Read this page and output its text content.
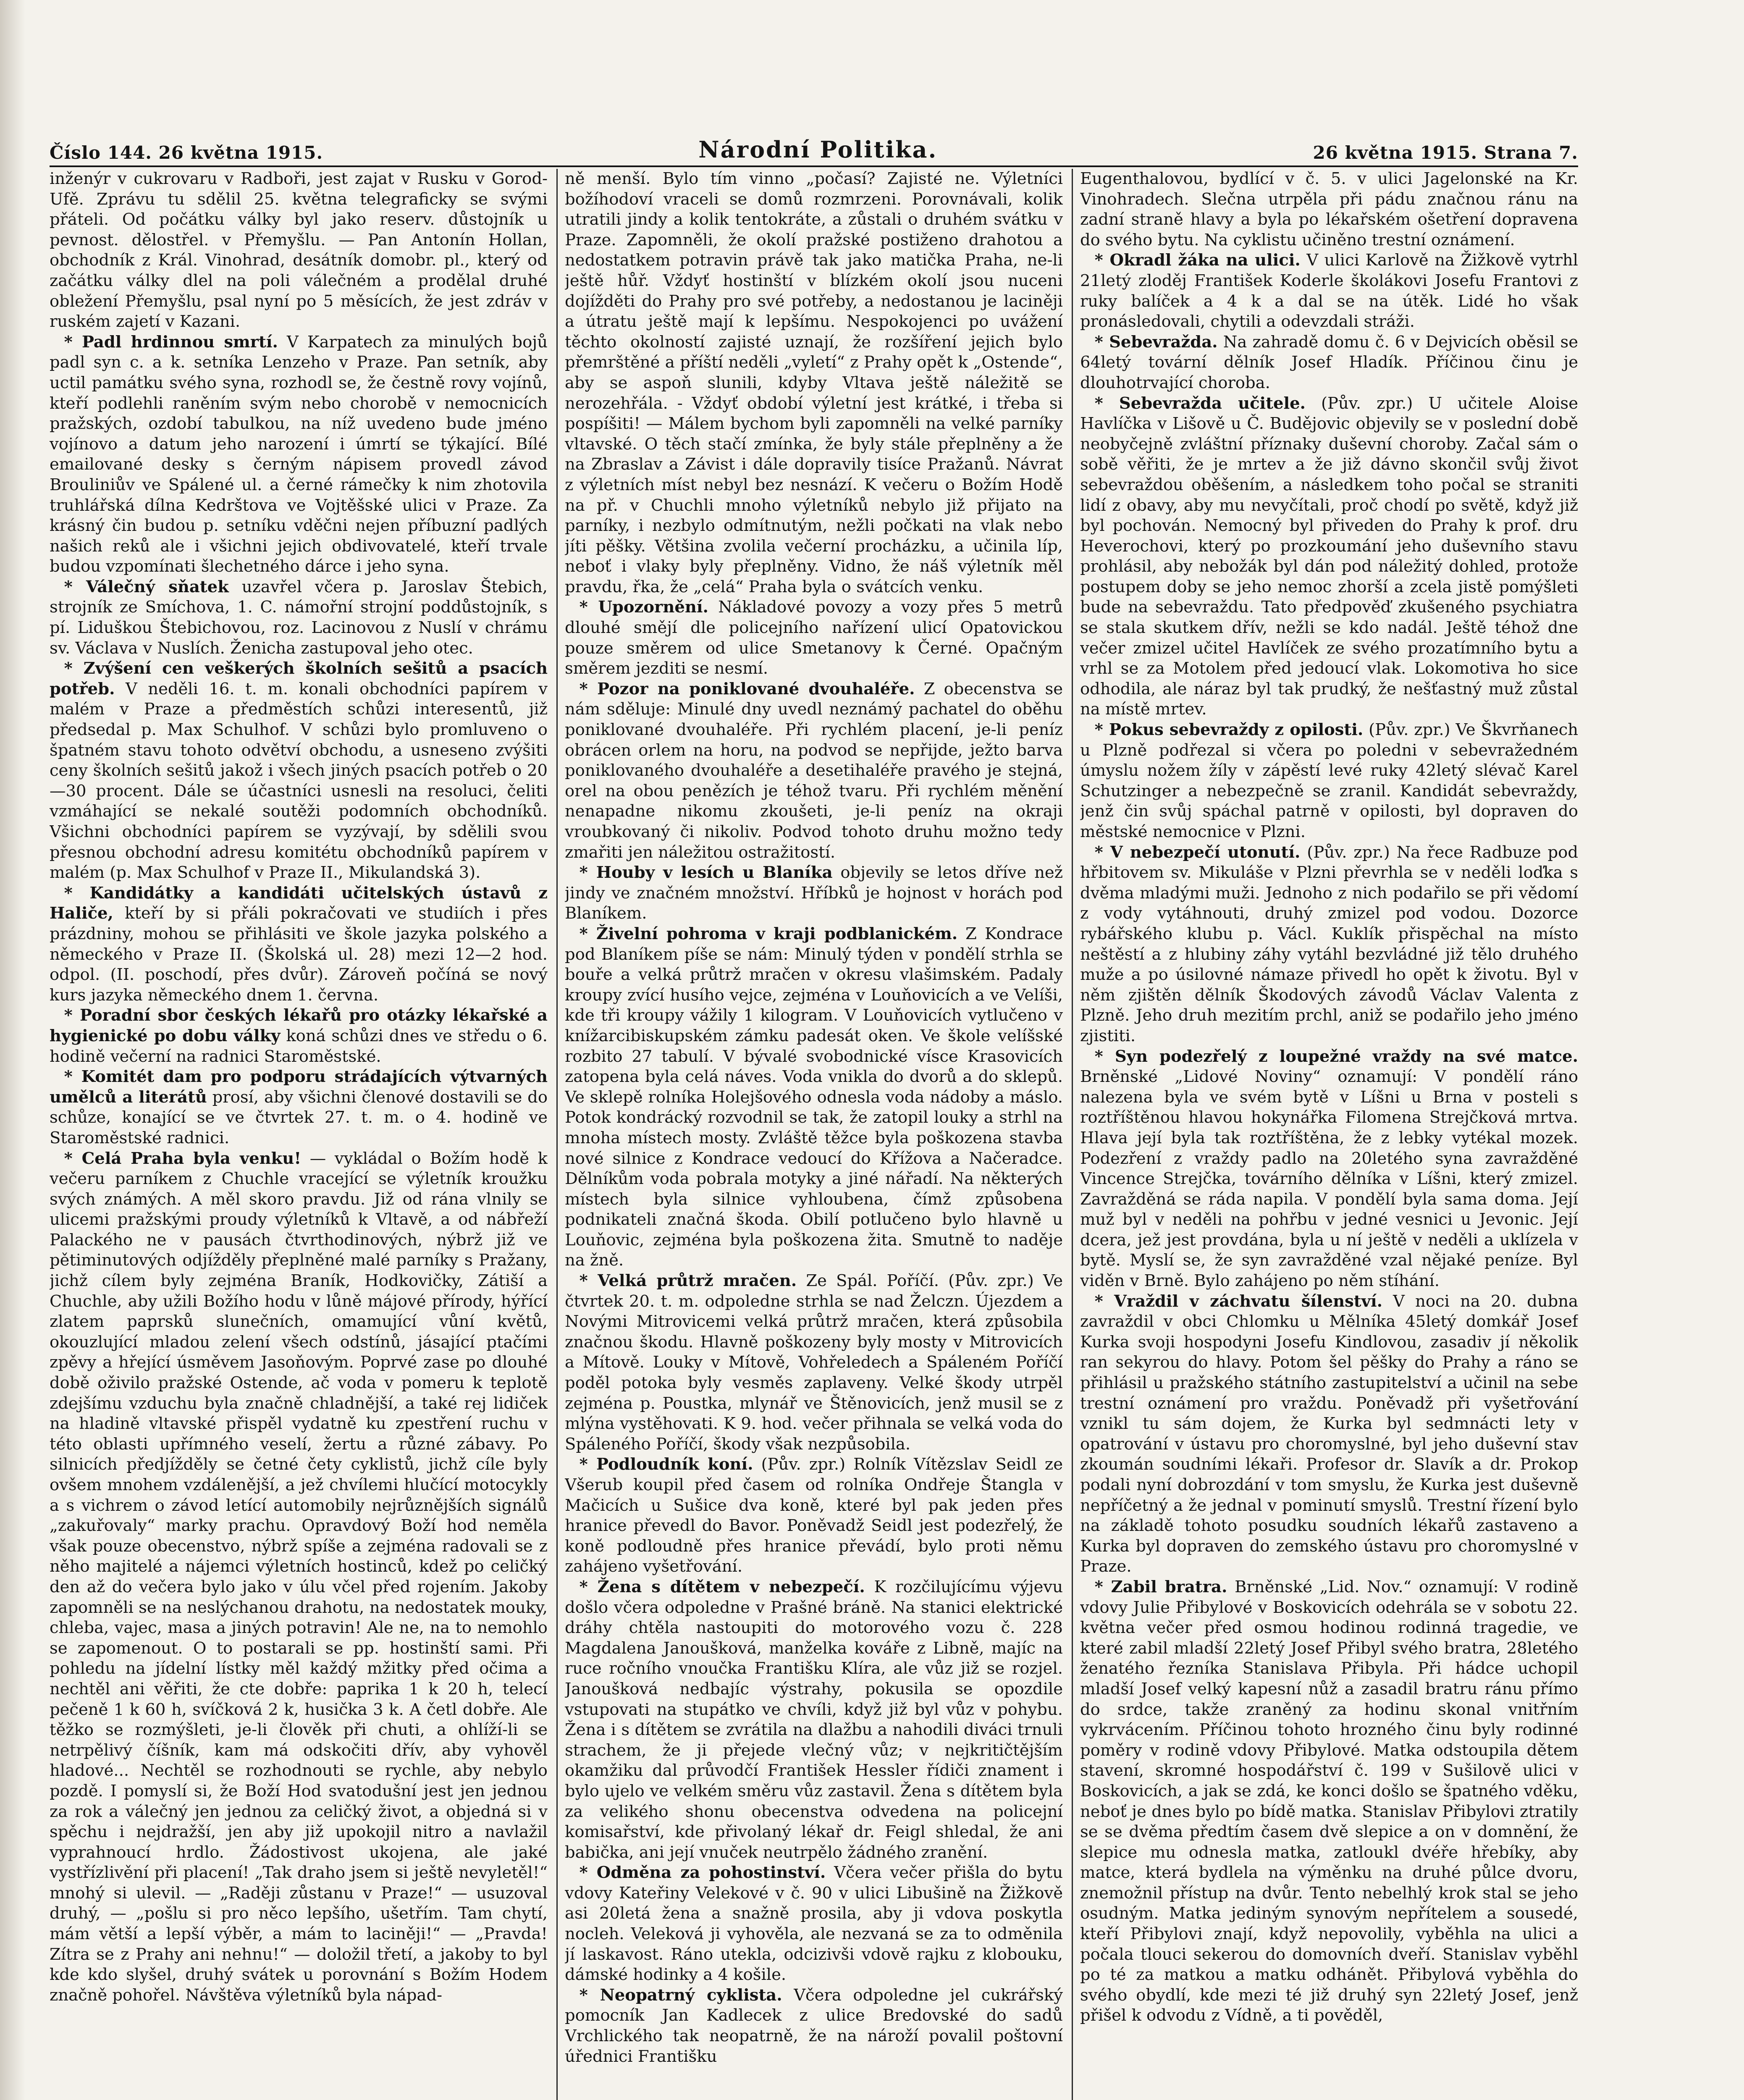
Číslo 144. 26 května 1915.	Národní Politika.	26 května 1915. Strana 7.

inženýr v cukrovaru v Radboři, jest zajat v Rusku v Gorod-Ufě. Zprávu tu sdělil 25. května telegraficky se svými přáteli. Od počátku války byl jako reserv. důstojník u pevnost. dělostřel. v Přemyšlu. — Pan Antonín Hollan, obchodník z Král. Vinohrad, desátník domobr. pl., který od začátku války dlel na poli válečném a prodělal druhé obležení Přemyšlu, psal nyní po 5 měsících, že jest zdráv v ruském zajetí v Kazani.

* Padl hrdinnou smrtí. V Karpatech za minulých bojů padl syn c. a k. setníka Lenzeho v Praze. Pan setník, aby uctil památku svého syna, rozhodl se, že čestně rovy vojínů, kteří podlehli raněním svým nebo chorobě v nemocnicích pražských, ozdobí tabulkou, na níž uvedeno bude jméno vojínovo a datum jeho narození i úmrtí se týkající. Bílé emailované desky s černým nápisem provedl závod Brouliniův ve Spálené ul. a černé rámečky k nim zhotovila truhlářská dílna Kedrštova ve Vojtěšské ulici v Praze. Za krásný čin budou p. setníku vděčni nejen příbuzní padlých našich reků ale i všichni jejich obdivovatelé, kteří trvale budou vzpomínati šlechetného dárce i jeho syna.

* Válečný sňatek uzavřel včera p. Jaroslav Štebich, strojník ze Smíchova, 1. C. námořní strojní poddůstojník, s pí. Liduškou Štebichovou, roz. Lacinovou z Nuslí v chrámu sv. Václava v Nuslích. Ženicha zastupoval jeho otec.

* Zvýšení cen veškerých školních sešitů a psacích potřeb. V neděli 16. t. m. konali obchodníci papírem v malém v Praze a předměstích schůzi interesentů, již předsedal p. Max Schulhof. V schůzi bylo promluveno o špatném stavu tohoto odvětví obchodu, a usneseno zvýšiti ceny školních sešitů jakož i všech jiných psacích potřeb o 20—30 procent. Dále se účastníci usnesli na resoluci, čeliti vzmáhající se nekalé soutěži podomních obchodníků. Všichni obchodníci papírem se vyzývají, by sdělili svou přesnou obchodní adresu komitétu obchodníků papírem v malém (p. Max Schulhof v Praze II., Mikulandská 3).

* Kandidátky a kandidáti učitelských ústavů z Haliče, kteří by si přáli pokračovati ve studiích i přes prázdniny, mohou se přihlásiti ve škole jazyka polského a německého v Praze II. (Školská ul. 28) mezi 12—2 hod. odpol. (II. poschodí, přes dvůr). Zároveň počíná se nový kurs jazyka německého dnem 1. června.

* Poradní sbor českých lékařů pro otázky lékařské a hygienické po dobu války koná schůzi dnes ve středu o 6. hodině večerní na radnici Staroměstské.

* Komitét dam pro podporu strádajících výtvarných umělců a literátů prosí, aby všichni členové dostavili se do schůze, konající se ve čtvrtek 27. t. m. o 4. hodině ve Staroměstské radnici.

* Celá Praha byla venku! — vykládal o Božím hodě k večeru parníkem z Chuchle vracející se výletník kroužku svých známých. A měl skoro pravdu. Již od rána vlnily se ulicemi pražskými proudy výletníků k Vltavě, a od nábřeží Palackého ne v pausách čtvrthodinových, nýbrž již ve pětiminutových odjížděly přeplněné malé parníky s Pražany, jichž cílem byly zejména Braník, Hodkovičky, Zátiší a Chuchle, aby užili Božího hodu v lůně májové přírody, hýřící zlatem paprsků slunečních, omamující vůní květů, okouzlující mladou zelení všech odstínů, jásající ptačími zpěvy a hřející úsměvem Jasoňovým. Poprvé zase po dlouhé době oživilo pražské Ostende, ač voda v pomeru k teplotě zdejšímu vzduchu byla značně chladnější, a také rej lidiček na hladině vltavské přispěl vydatně ku zpestření ruchu v této oblasti upřímného veselí, žertu a různé zábavy. Po silnicích předjížděly se četné čety cyklistů, jichž cíle byly ovšem mnohem vzdálenější, a jež chvílemi hlučící motocykly a s vichrem o závod letící automobily nejrůznějších signálů „zakuřovaly“ marky prachu. Opravdový Boží hod neměla však pouze obecenstvo, nýbrž spíše a zejména radovali se z něho majitelé a nájemci výletních hostinců, kdež po celičký den až do večera bylo jako v úlu včel před rojením. Jakoby zapomněli se na neslýchanou drahotu, na nedostatek mouky, chleba, vajec, masa a jiných potravin! Ale ne, na to nemohlo se zapomenout. O to postarali se pp. hostinští sami. Při pohledu na jídelní lístky měl každý mžitky před očima a nechtěl ani věřiti, že cte dobře: paprika 1 k 20 h, telecí pečeně 1 k 60 h, svíčková 2 k, husička 3 k. A četl dobře. Ale těžko se rozmýšleti, je-li člověk při chuti, a ohlíží-li se netrpělivý číšník, kam má odskočiti dřív, aby vyhověl hladové... Nechtěl se rozhodnouti se rychle, aby nebylo pozdě. I pomyslí si, že Boží Hod svatodušní jest jen jednou za rok a válečný jen jednou za celičký život, a objedná si v spěchu i nejdražší, jen aby již upokojil nitro a navlažil vyprahnoucí hrdlo. Žádostivost ukojena, ale jaké vystřízlivění při placení! „Tak draho jsem si ještě nevyletěl!“ mnohý si ulevil. — „Raději zůstanu v Praze!“ — usuzoval druhý, — „pošlu si pro něco lepšího, ušetřím. Tam chytí, mám větší a lepší výběr, a mám to laciněji!“ — „Pravda! Zítra se z Prahy ani nehnu!“ — doložil třetí, a jakoby to byl kde kdo slyšel, druhý svátek u porovnání s Božím Hodem značně pohořel. Návštěva výletníků byla nápad-

ně menší. Bylo tím vinno „počasí? Zajisté ne. Výletníci božíhodoví vraceli se domů rozmrzeni. Porovnávali, kolik utratili jindy a kolik tentokráte, a zůstali o druhém svátku v Praze. Zapomněli, že okolí pražské postiženo drahotou a nedostatkem potravin právě tak jako matička Praha, ne-li ještě hůř. Vždyť hostinští v blízkém okolí jsou nuceni dojížděti do Prahy pro své potřeby, a nedostanou je laciněji a útratu ještě mají k lepšímu. Nespokojenci po uvážení těchto okolností zajisté uznají, že rozšíření jejich bylo přemrštěné a příští neděli „vyletí“ z Prahy opět k „Ostende“, aby se aspoň slunili, kdyby Vltava ještě náležitě se nerozehřála. - Vždyť období výletní jest krátké, i třeba si pospíšiti! — Málem bychom byli zapomněli na velké parníky vltavské. O těch stačí zmínka, že byly stále přeplněny a že na Zbraslav a Závist i dále dopravily tisíce Pražanů. Návrat z výletních míst nebyl bez nesnází. K večeru o Božím Hodě na př. v Chuchli mnoho výletníků nebylo již přijato na parníky, i nezbylo odmítnutým, nežli počkati na vlak nebo jíti pěšky. Většina zvolila večerní procházku, a učinila líp, neboť i vlaky byly přeplněny. Vidno, že náš výletník měl pravdu, řka, že „celá“ Praha byla o svátcích venku.

* Upozornění. Nákladové povozy a vozy přes 5 metrů dlouhé smějí dle policejního nařízení ulicí Opatovickou pouze směrem od ulice Smetanovy k Černé. Opačným směrem jezditi se nesmí.

* Pozor na poniklované dvouhaléře. Z obecenstva se nám sděluje: Minulé dny uvedl neznámý pachatel do oběhu poniklované dvouhaléře. Při rychlém placení, je-li peníz obrácen orlem na horu, na podvod se nepřijde, ježto barva poniklovaného dvouhaléře a desetihaléře pravého je stejná, orel na obou penězích je téhož tvaru. Při rychlém měnění nenapadne nikomu zkoušeti, je-li peníz na okraji vroubkovaný či nikoliv. Podvod tohoto druhu možno tedy zmařiti jen náležitou ostražitostí.

* Houby v lesích u Blaníka objevily se letos dříve než jindy ve značném množství. Hříbků je hojnost v horách pod Blaníkem.

* Živelní pohroma v kraji podblanickém. Z Kondrace pod Blaníkem píše se nám: Minulý týden v pondělí strhla se bouře a velká průtrž mračen v okresu vlašimském. Padaly kroupy zvící husího vejce, zejména v Louňovicích a ve Velíši, kde tři kroupy vážily 1 kilogram. V Louňovicích vytlučeno v knížarcibiskupském zámku padesát oken. Ve škole velíšské rozbito 27 tabulí. V bývalé svobodnické vísce Krasovicích zatopena byla celá náves. Voda vnikla do dvorů a do sklepů. Ve sklepě rolníka Holejšového odnesla voda nádoby a máslo. Potok kondrácký rozvodnil se tak, že zatopil louky a strhl na mnoha místech mosty. Zvláště těžce byla poškozena stavba nové silnice z Kondrace vedoucí do Křížova a Načeradce. Dělníkům voda pobrala motyky a jiné nářadí. Na některých místech byla silnice vyhloubena, čímž způsobena podnikateli značná škoda. Obilí potlučeno bylo hlavně u Louňovic, zejména byla poškozena žita. Smutně to naděje na žně.

* Velká průtrž mračen. Ze Spál. Poříčí. (Pův. zpr.) Ve čtvrtek 20. t. m. odpoledne strhla se nad Želczn. Újezdem a Novými Mitrovicemi velká průtrž mračen, která způsobila značnou škodu. Hlavně poškozeny byly mosty v Mitrovicích a Mítově. Louky v Mítově, Vohřeledech a Spáleném Poříčí poděl potoka byly vesměs zaplaveny. Velké škody utrpěl zejména p. Poustka, mlynář ve Štěnovicích, jenž musil se z mlýna vystěhovati. K 9. hod. večer přihnala se velká voda do Spáleného Poříčí, škody však nezpůsobila.

* Podloudník koní. (Pův. zpr.) Rolník Vítězslav Seidl ze Všerub koupil před časem od rolníka Ondřeje Štangla v Mačicích u Sušice dva koně, které byl pak jeden přes hranice převedl do Bavor. Poněvadž Seidl jest podezřelý, že koně podloudně přes hranice převádí, bylo proti němu zahájeno vyšetřování.

* Žena s dítětem v nebezpečí. K rozčilujícímu výjevu došlo včera odpoledne v Prašné bráně. Na stanici elektrické dráhy chtěla nastoupiti do motorového vozu č. 228 Magdalena Janoušková, manželka kováře z Libně, majíc na ruce ročního vnoučka Františku Klíra, ale vůz již se rozjel. Janoušková nedbajíc výstrahy, pokusila se opozdile vstupovati na stupátko ve chvíli, když již byl vůz v pohybu. Žena i s dítětem se zvrátila na dlažbu a nahodili diváci trnuli strachem, že ji přejede vlečný vůz; v nejkritičtějším okamžiku dal průvodčí František Hessler řídiči znament i bylo ujelo ve velkém směru vůz zastavil. Žena s dítětem byla za velikého shonu obecenstva odvedena na policejní komisařství, kde přivolaný lékař dr. Feigl shledal, že ani babička, ani její vnuček neutrpělo žádného zranění.

* Odměna za pohostinství. Včera večer přišla do bytu vdovy Kateřiny Velekové v č. 90 v ulici Libušině na Žižkově asi 20letá žena a snažně prosila, aby ji vdova poskytla nocleh. Veleková ji vyhověla, ale nezvaná se za to odměnila jí laskavost. Ráno utekla, odcizivši vdově rajku z klobouku, dámské hodinky a 4 košile.

* Neopatrný cyklista. Včera odpoledne jel cukrářský pomocník Jan Kadlecek z ulice Bredovské do sadů Vrchlického tak neopatrně, že na nároží povalil poštovní úřednici Františku

Eugenthalovou, bydlící v č. 5. v ulici Jagelonské na Kr. Vinohradech. Slečna utrpěla při pádu značnou ránu na zadní straně hlavy a byla po lékařském ošetření dopravena do svého bytu. Na cyklistu učiněno trestní oznámení.

* Okradl žáka na ulici. V ulici Karlově na Žižkově vytrhl 21letý zloděj František Koderle školákovi Josefu Frantovi z ruky balíček a 4 k a dal se na útěk. Lidé ho však pronásledovali, chytili a odevzdali stráži.

* Sebevražda. Na zahradě domu č. 6 v Dejvicích oběsil se 64letý tovární dělník Josef Hladík. Příčinou činu je dlouhotrvající choroba.

* Sebevražda učitele. (Pův. zpr.) U učitele Aloise Havlíčka v Lišově u Č. Budějovic objevily se v poslední době neobyčejně zvláštní příznaky duševní choroby. Začal sám o sobě věřiti, že je mrtev a že již dávno skončil svůj život sebevraždou oběšením, a následkem toho počal se straniti lidí z obavy, aby mu nevyčítali, proč chodí po světě, když již byl pochován. Nemocný byl přiveden do Prahy k prof. dru Heverochovi, který po prozkoumání jeho duševního stavu prohlásil, aby nebožák byl dán pod náležitý dohled, protože postupem doby se jeho nemoc zhorší a zcela jistě pomýšleti bude na sebevraždu. Tato předpověď zkušeného psychiatra se stala skutkem dřív, nežli se kdo nadál. Ještě téhož dne večer zmizel učitel Havlíček ze svého prozatímního bytu a vrhl se za Motolem před jedoucí vlak. Lokomotiva ho sice odhodila, ale náraz byl tak prudký, že nešťastný muž zůstal na místě mrtev.

* Pokus sebevraždy z opilosti. (Pův. zpr.) Ve Škvrňanech u Plzně podřezal si včera po poledni v sebevražedném úmyslu nožem žíly v zápěstí levé ruky 42letý slévač Karel Schutzinger a nebezpečně se zranil. Kandidát sebevraždy, jenž čin svůj spáchal patrně v opilosti, byl dopraven do městské nemocnice v Plzni.

* V nebezpečí utonutí. (Pův. zpr.) Na řece Radbuze pod hřbitovem sv. Mikuláše v Plzni převrhla se v neděli loďka s dvěma mladými muži. Jednoho z nich podařilo se při vědomí z vody vytáhnouti, druhý zmizel pod vodou. Dozorce rybářského klubu p. Václ. Kuklík přispěchal na místo neštěstí a z hlubiny záhy vytáhl bezvládné již tělo druhého muže a po úsilovné námaze přivedl ho opět k životu. Byl v něm zjištěn dělník Škodových závodů Václav Valenta z Plzně. Jeho druh mezitím prchl, aniž se podařilo jeho jméno zjistiti.

* Syn podezřelý z loupežné vraždy na své matce. Brněnské „Lidové Noviny“ oznamují: V pondělí ráno nalezena byla ve svém bytě v Líšni u Brna v posteli s roztříštěnou hlavou hokynářka Filomena Strejčková mrtva. Hlava její byla tak roztříštěna, že z lebky vytékal mozek. Podezření z vraždy padlo na 20letého syna zavražděné Vincence Strejčka, továrního dělníka v Líšni, který zmizel. Zavražděná se ráda napila. V pondělí byla sama doma. Její muž byl v neděli na pohřbu v jedné vesnici u Jevonic. Její dcera, jež jest provdána, byla u ní ještě v neděli a uklízela v bytě. Myslí se, že syn zavražděné vzal nějaké peníze. Byl viděn v Brně. Bylo zahájeno po něm stíhání.

* Vraždil v záchvatu šílenství. V noci na 20. dubna zavraždil v obci Chlomku u Mělníka 45letý domkář Josef Kurka svoji hospodyni Josefu Kindlovou, zasadiv jí několik ran sekyrou do hlavy. Potom šel pěšky do Prahy a ráno se přihlásil u pražského státního zastupitelství a učinil na sebe trestní oznámení pro vraždu. Poněvadž při vyšetřování vznikl tu sám dojem, že Kurka byl sedmnácti lety v opatrování v ústavu pro choromyslné, byl jeho duševní stav zkoumán soudními lékaři. Profesor dr. Slavík a dr. Prokop podali nyní dobrozdání v tom smyslu, že Kurka jest duševně nepříčetný a že jednal v pominutí smyslů. Trestní řízení bylo na základě tohoto posudku soudních lékařů zastaveno a Kurka byl dopraven do zemského ústavu pro choromyslné v Praze.

* Zabil bratra. Brněnské „Lid. Nov.“ oznamují: V rodině vdovy Julie Přibylové v Boskovicích odehrála se v sobotu 22. května večer před osmou hodinou rodinná tragedie, ve které zabil mladší 22letý Josef Přibyl svého bratra, 28letého ženatého řezníka Stanislava Přibyla. Při hádce uchopil mladší Josef velký kapesní nůž a zasadil bratru ránu přímo do srdce, takže zraněný za hodinu skonal vnitřním vykrvácením. Příčinou tohoto hrozného činu byly rodinné poměry v rodině vdovy Přibylové. Matka odstoupila dětem stavení, skromné hospodářství č. 199 v Sušilově ulici v Boskovicích, a jak se zdá, ke konci došlo se špatného vděku, neboť je dnes bylo po bídě matka. Stanislav Přibylovi ztratily se se dvěma předtím časem dvě slepice a on v domnění, že slepice mu odnesla matka, zatloukl dvéře hřebíky, aby matce, která bydlela na výměnku na druhé půlce dvoru, znemožnil přístup na dvůr. Tento nebelhlý krok stal se jeho osudným. Matka jediným synovým nepřítelem a sousedé, kteří Přibylovi znají, když nepovolily, vyběhla na ulici a počala tlouci sekerou do domovních dveří. Stanislav vyběhl po té za matkou a matku odhánět. Přibylová vyběhla do svého obydlí, kde mezi té již druhý syn 22letý Josef, jenž přišel k odvodu z Vídně, a ti pověděl,
